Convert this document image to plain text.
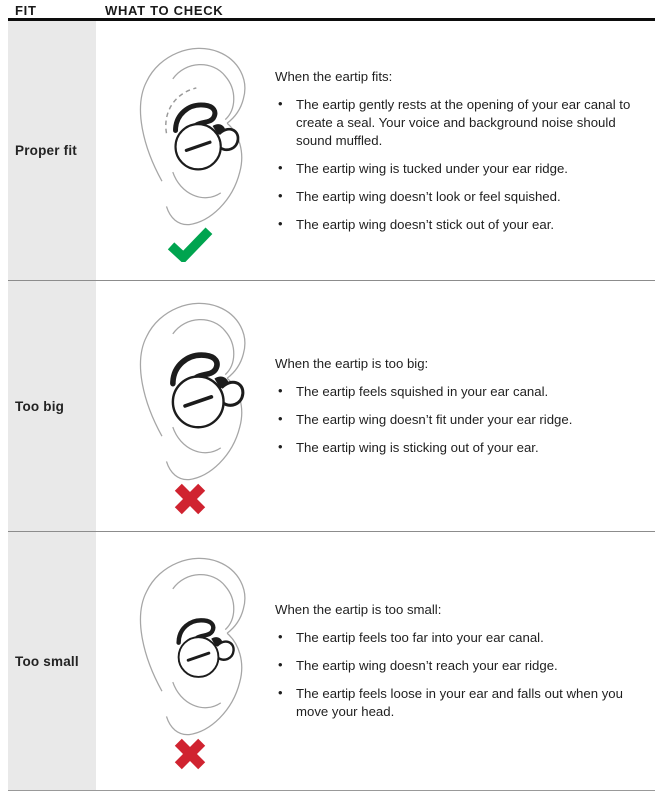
FIT	WHAT TO CHECK
Proper fit

When the eartip fits:

• The eartip gently rests at the opening of your ear canal to create a seal. Your voice and background noise should sound muffled.
• The eartip wing is tucked under your ear ridge.
• The eartip wing doesn’t look or feel squished.
• The eartip wing doesn’t stick out of your ear.
Too big

When the eartip is too big:

• The eartip feels squished in your ear canal.
• The eartip wing doesn’t fit under your ear ridge.
• The eartip wing is sticking out of your ear.
Too small

When the eartip is too small:

• The eartip feels too far into your ear canal.
• The eartip wing doesn’t reach your ear ridge.
• The eartip feels loose in your ear and falls out when you move your head.
